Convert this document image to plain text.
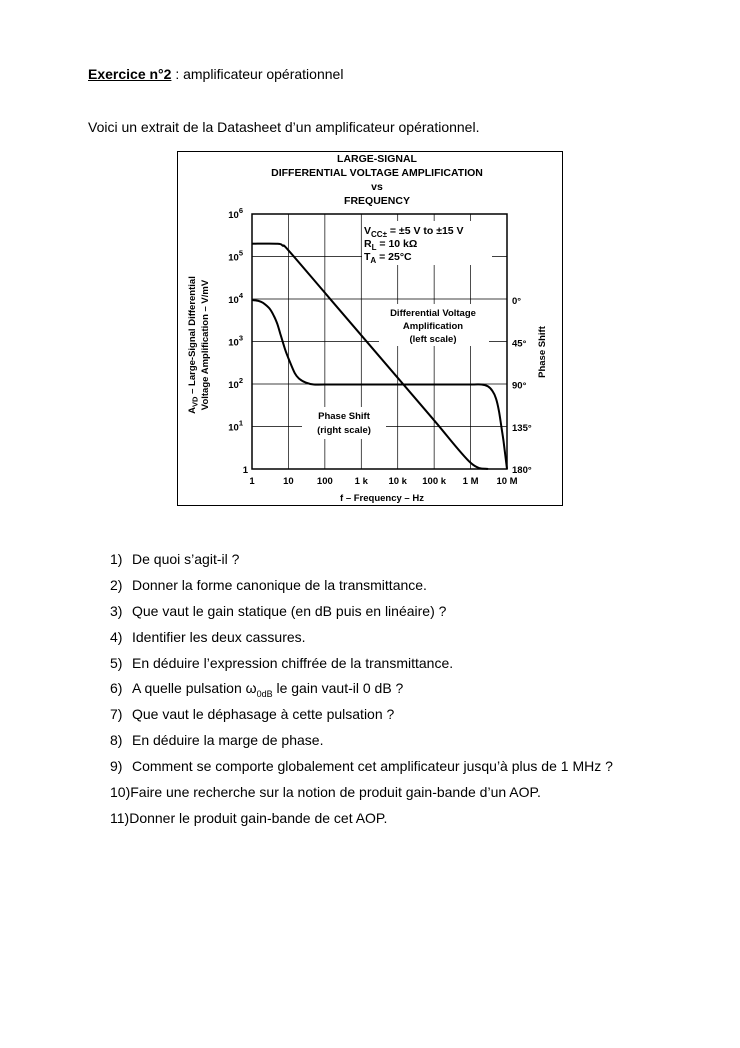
Exercice n°2 : amplificateur opérationnel
Voici un extrait de la Datasheet d’un amplificateur opérationnel.
LARGE-SIGNAL
DIFFERENTIAL VOLTAGE AMPLIFICATION
vs
FREQUENCY
1	10 100 1 k 10 k 100 k 1 M 10 M
1
$10^1$
$10^2$
$10^3$
$10^4$
$10^5$
$10^6$
0°
45°
90°
135°
180°
$V_{CC\pm} = \pm 5$ V to ±15 V
$R_L = 10$ kΩ
$T_A = 25^\circ C$
Differential Voltage
Amplification
(left scale)
Phase Shift
(right scale)
$A_{VD}$ – Large-Signal Differential Voltage Amplification – V/mV	Phase Shift
f – Frequency – Hz
1) De quoi s’agit-il ?
2) Donner la forme canonique de la transmittance.
3) Que vaut le gain statique (en dB puis en linéaire) ?
4) Identifier les deux cassures.
5) En déduire l’expression chiffrée de la transmittance.
6) A quelle pulsation $\omega_{0dB}$ le gain vaut-il 0 dB ?
7) Que vaut le déphasage à cette pulsation ?
8) En déduire la marge de phase.
9) Comment se comporte globalement cet amplificateur jusqu’à plus de 1 MHz ?
10)Faire une recherche sur la notion de produit gain-bande d’un AOP.
11)Donner le produit gain-bande de cet AOP.
